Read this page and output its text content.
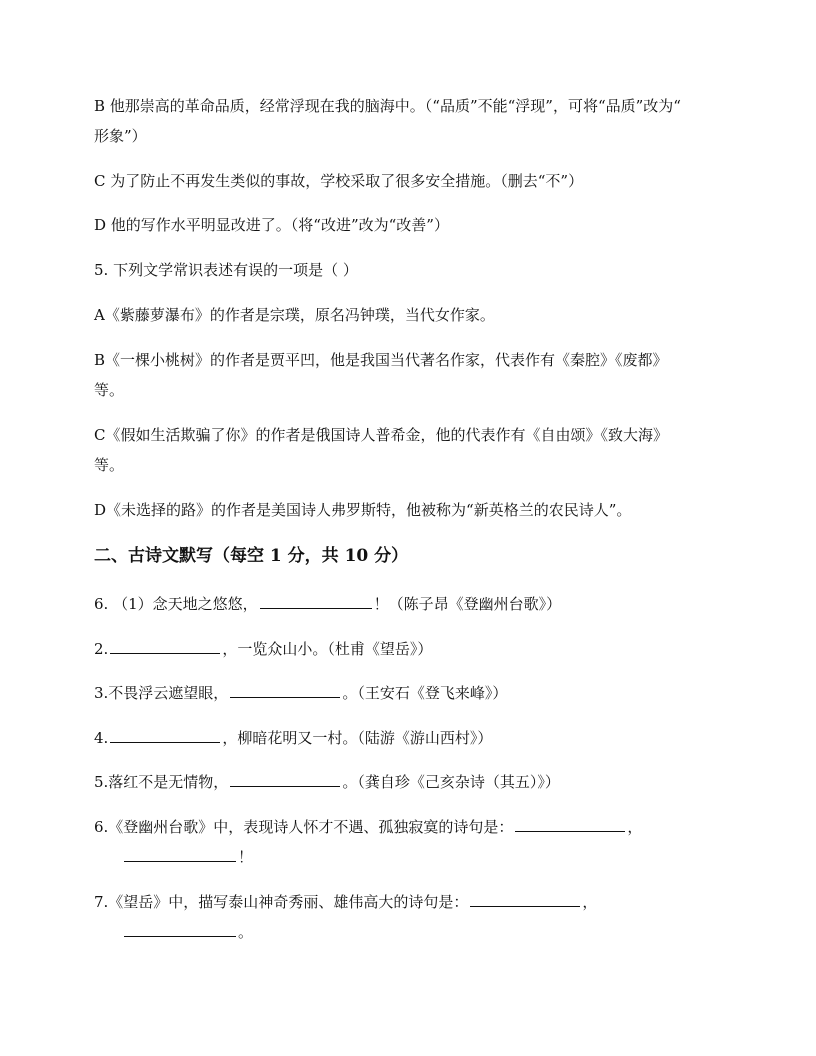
B 他那崇高的革命品质，经常浮现在我的脑海中。（“品质”不能“浮现”，可将“品质”改为“
形象”）
C 为了防止不再发生类似的事故，学校采取了很多安全措施。（删去“不”）
D 他的写作水平明显改进了。（将“改进”改为“改善”）
5. 下列文学常识表述有误的一项是（ ）
A《紫藤萝瀑布》的作者是宗璞，原名冯钟璞，当代女作家。
B《一棵小桃树》的作者是贾平凹，他是我国当代著名作家，代表作有《秦腔》《废都》
等。
C《假如生活欺骗了你》的作者是俄国诗人普希金，他的代表作有《自由颂》《致大海》
等。
D《未选择的路》的作者是美国诗人弗罗斯特，他被称为“新英格兰的农民诗人”。
二、古诗文默写（每空 1 分，共 10 分）
6. （1）念天地之悠悠，	！（陈子昂《登幽州台歌》）
2.	，一览众山小。（杜甫《望岳》）
3.不畏浮云遮望眼，	。（王安石《登飞来峰》）
4.	，柳暗花明又一村。（陆游《游山西村》）
5.落红不是无情物，	。（龚自珍《己亥杂诗（其五）》）
6.《登幽州台歌》中，表现诗人怀才不遇、孤独寂寞的诗句是：	，
！
7.《望岳》中，描写泰山神奇秀丽、雄伟高大的诗句是：	，
。
